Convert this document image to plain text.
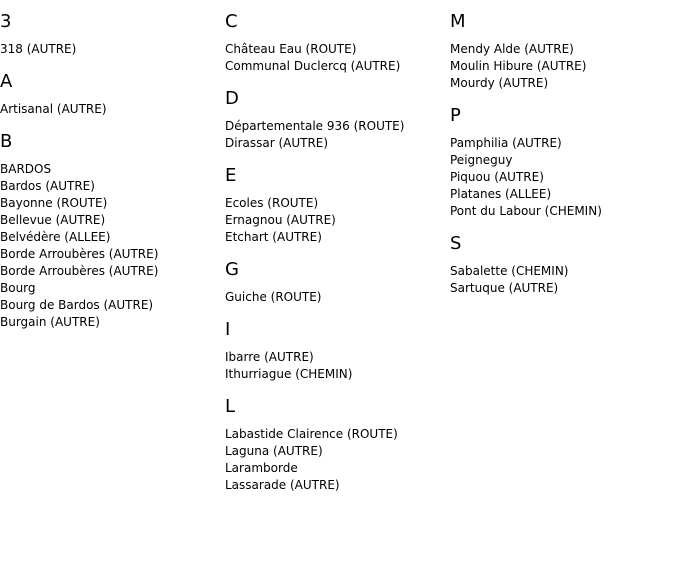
3
318 (AUTRE)
A
Artisanal (AUTRE)
B
BARDOS
Bardos (AUTRE)
Bayonne (ROUTE)
Bellevue (AUTRE)
Belvédère (ALLEE)
Borde Arroubères (AUTRE)
Borde Arroubères (AUTRE)
Bourg
Bourg de Bardos (AUTRE)
Burgain (AUTRE)
C
Château Eau (ROUTE)
Communal Duclercq (AUTRE)
D
Départementale 936 (ROUTE)
Dirassar (AUTRE)
E
Ecoles (ROUTE)
Ernagnou (AUTRE)
Etchart (AUTRE)
G
Guiche (ROUTE)
I
Ibarre (AUTRE)
Ithurriague (CHEMIN)
L
Labastide Clairence (ROUTE)
Laguna (AUTRE)
Laramborde
Lassarade (AUTRE)
M
Mendy Alde (AUTRE)
Moulin Hibure (AUTRE)
Mourdy (AUTRE)
P
Pamphilia (AUTRE)
Peigneguy
Piquou (AUTRE)
Platanes (ALLEE)
Pont du Labour (CHEMIN)
S
Sabalette (CHEMIN)
Sartuque (AUTRE)
